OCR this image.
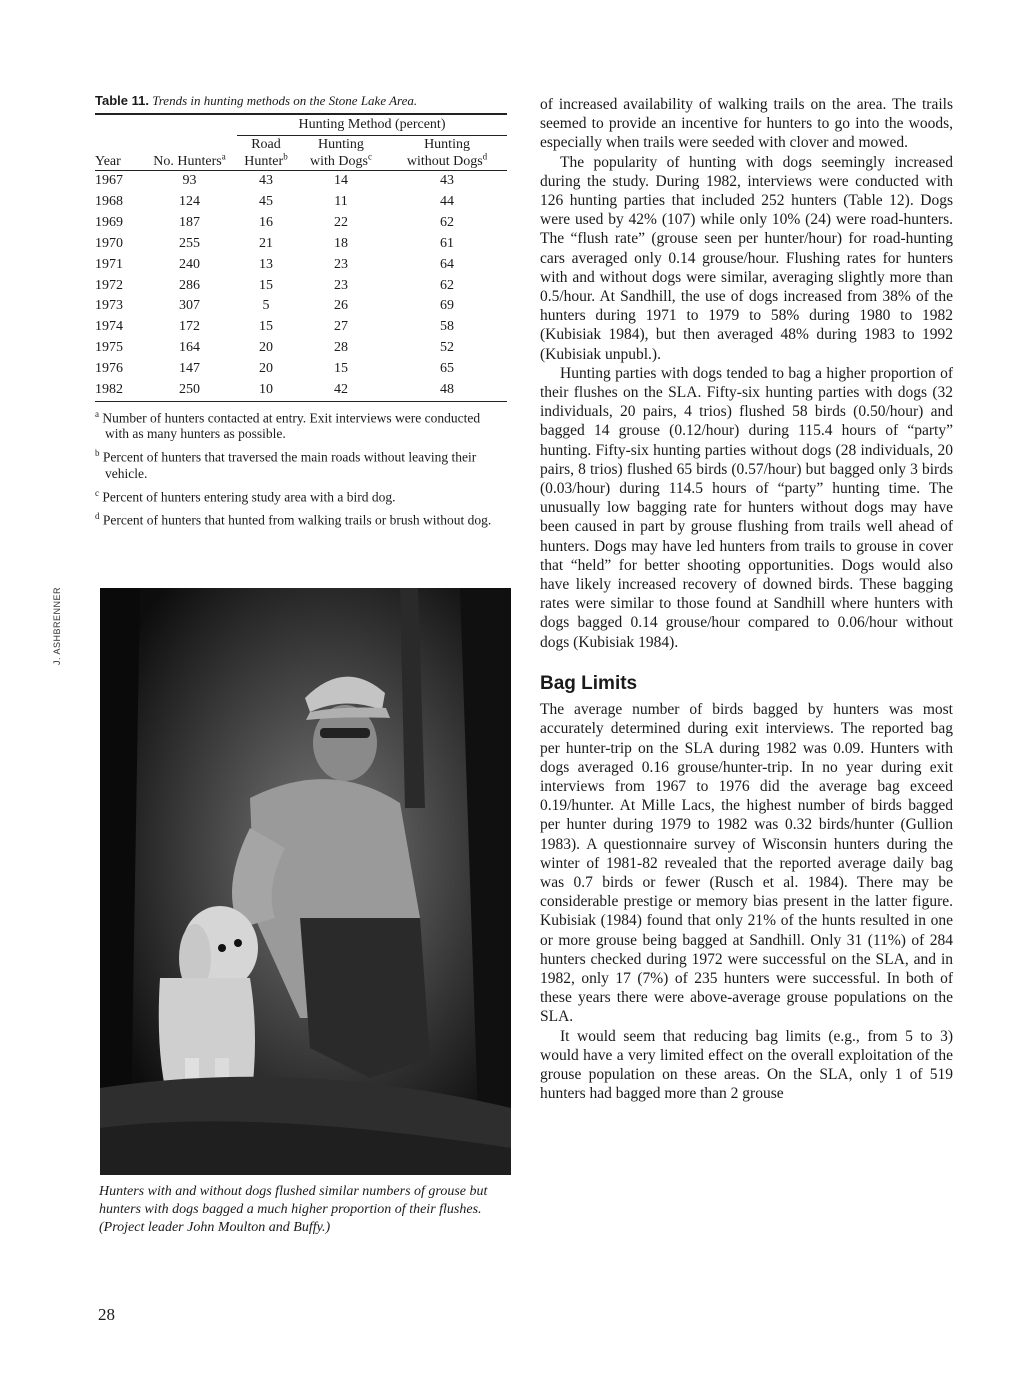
Table 11. Trends in hunting methods on the Stone Lake Area.
		Hunting Method (percent)		
		Road	Hunting	Hunting
Year	No. Hunters$^a$	Hunter$^b$	with Dogs$^c$	without Dogs$^d$

1967	93	43	14	43
1968	124	45	11	44
1969	187	16	22	62
1970	255	21	18	61
1971	240	13	23	64
1972	286	15	23	62
1973	307	5	26	69
1974	172	15	27	58
1975	164	20	28	52
1976	147	20	15	65
1982	250	10	42	48
$^a$ Number of hunters contacted at entry. Exit interviews were conducted with as many hunters as possible.
$^b$ Percent of hunters that traversed the main roads without leaving their vehicle.
$^c$ Percent of hunters entering study area with a bird dog.
$^d$ Percent of hunters that hunted from walking trails or brush without dog.
J. ASHBRENNER
Hunters with and without dogs flushed similar numbers of grouse but hunters with dogs bagged a much higher proportion of their flushes. (Project leader John Moulton and Buffy.)
28

of increased availability of walking trails on the area. The trails seemed to provide an incentive for hunters to go into the woods, especially when trails were seeded with clover and mowed.

The popularity of hunting with dogs seemingly increased during the study. During 1982, interviews were conducted with 126 hunting parties that included 252 hunters (Table 12). Dogs were used by 42% (107) while only 10% (24) were road-hunters. The “flush rate” (grouse seen per hunter/hour) for road-hunting cars averaged only 0.14 grouse/hour. Flushing rates for hunters with and without dogs were similar, averaging slightly more than 0.5/hour. At Sandhill, the use of dogs increased from 38% of the hunters during 1971 to 1979 to 58% during 1980 to 1982 (Kubisiak 1984), but then averaged 48% during 1983 to 1992 (Kubisiak unpubl.).

Hunting parties with dogs tended to bag a higher proportion of their flushes on the SLA. Fifty-six hunting parties with dogs (32 individuals, 20 pairs, 4 trios) flushed 58 birds (0.50/hour) and bagged 14 grouse (0.12/hour) during 115.4 hours of “party” hunting. Fifty-six hunting parties without dogs (28 individuals, 20 pairs, 8 trios) flushed 65 birds (0.57/hour) but bagged only 3 birds (0.03/hour) during 114.5 hours of “party” hunting time. The unusually low bagging rate for hunters without dogs may have been caused in part by grouse flushing from trails well ahead of hunters. Dogs may have led hunters from trails to grouse in cover that “held” for better shooting opportunities. Dogs would also have likely increased recovery of downed birds. These bagging rates were similar to those found at Sandhill where hunters with dogs bagged 0.14 grouse/hour compared to 0.06/hour without dogs (Kubisiak 1984).

Bag Limits

The average number of birds bagged by hunters was most accurately determined during exit interviews. The reported bag per hunter-trip on the SLA during 1982 was 0.09. Hunters with dogs averaged 0.16 grouse/hunter-trip. In no year during exit interviews from 1967 to 1976 did the average bag exceed 0.19/hunter. At Mille Lacs, the highest number of birds bagged per hunter during 1979 to 1982 was 0.32 birds/hunter (Gullion 1983). A questionnaire survey of Wisconsin hunters during the winter of 1981-82 revealed that the reported average daily bag was 0.7 birds or fewer (Rusch et al. 1984). There may be considerable prestige or memory bias present in the latter figure. Kubisiak (1984) found that only 21% of the hunts resulted in one or more grouse being bagged at Sandhill. Only 31 (11%) of 284 hunters checked during 1972 were successful on the SLA, and in 1982, only 17 (7%) of 235 hunters were successful. In both of these years there were above-average grouse populations on the SLA.

It would seem that reducing bag limits (e.g., from 5 to 3) would have a very limited effect on the overall exploitation of the grouse population on these areas. On the SLA, only 1 of 519 hunters had bagged more than 2 grouse
